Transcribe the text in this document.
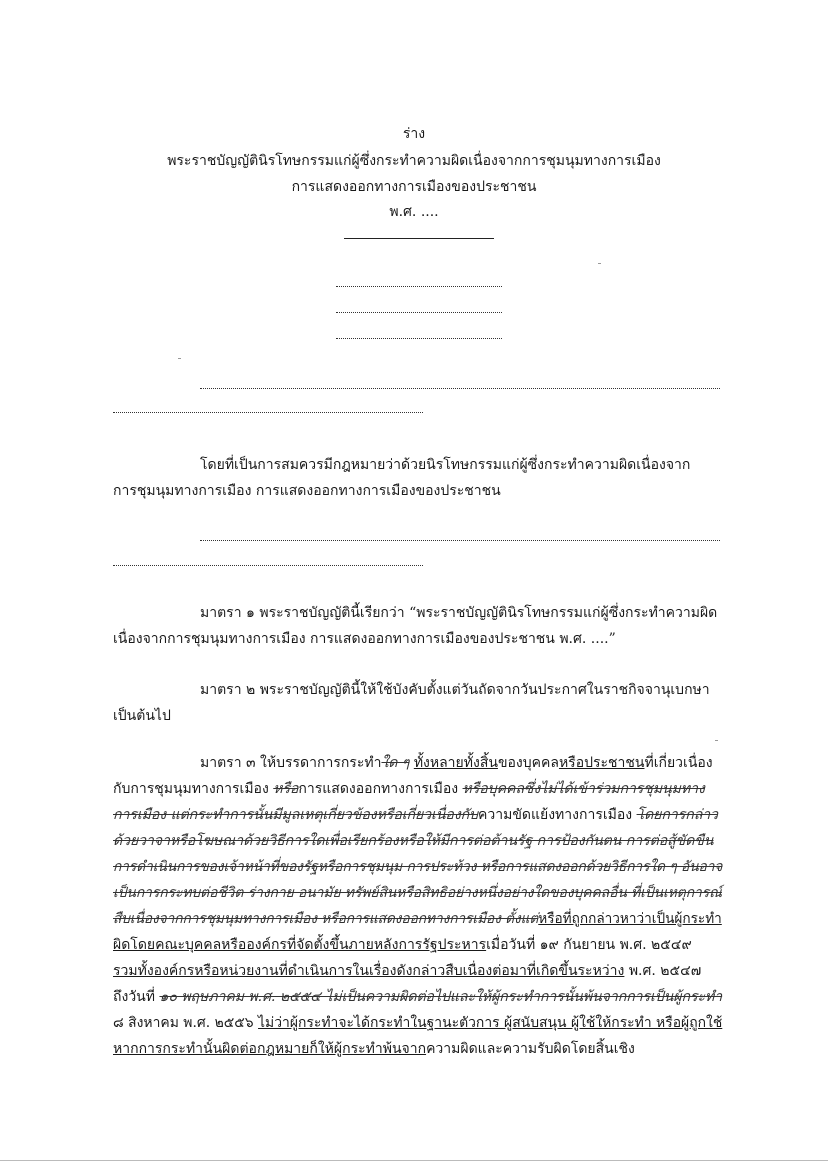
ร่าง
พระราชบัญญัตินิรโทษกรรมแก่ผู้ซึ่งกระทำความผิดเนื่องจากการชุมนุมทางการเมือง
การแสดงออกทางการเมืองของประชาชน
พ.ศ. ....
โดยที่เป็นการสมควรมีกฎหมายว่าด้วยนิรโทษกรรมแก่ผู้ซึ่งกระทำความผิดเนื่องจาก
การชุมนุมทางการเมือง การแสดงออกทางการเมืองของประชาชน
มาตรา ๑ พระราชบัญญัตินี้เรียกว่า “พระราชบัญญัตินิรโทษกรรมแก่ผู้ซึ่งกระทำความผิด
เนื่องจากการชุมนุมทางการเมือง การแสดงออกทางการเมืองของประชาชน พ.ศ. ....”
มาตรา ๒ พระราชบัญญัตินี้ให้ใช้บังคับตั้งแต่วันถัดจากวันประกาศในราชกิจจานุเบกษา
เป็นต้นไป
มาตรา ๓ ให้บรรดาการกระทำใด ๆ ทั้งหลายทั้งสิ้นของบุคคลหรือประชาชนที่เกี่ยวเนื่อง
กับการชุมนุมทางการเมือง หรือการแสดงออกทางการเมือง หรือบุคคลซึ่งไม่ได้เข้าร่วมการชุมนุมทาง
การเมือง แต่กระทำการนั้นมีมูลเหตุเกี่ยวข้องหรือเกี่ยวเนื่องกับความขัดแย้งทางการเมือง โดยการกล่าว
ด้วยวาจาหรือโฆษณาด้วยวิธีการใดเพื่อเรียกร้องหรือให้มีการต่อต้านรัฐ การป้องกันตน การต่อสู้ขัดขืน
การดำเนินการของเจ้าหน้าที่ของรัฐหรือการชุมนุม การประท้วง หรือการแสดงออกด้วยวิธีการใด ๆ อันอาจ
เป็นการกระทบต่อชีวิต ร่างกาย อนามัย ทรัพย์สินหรือสิทธิอย่างหนึ่งอย่างใดของบุคคลอื่น ที่เป็นเหตุการณ์
สืบเนื่องจากการชุมนุมทางการเมือง หรือการแสดงออกทางการเมือง ตั้งแต่หรือที่ถูกกล่าวหาว่าเป็นผู้กระทำ
ผิดโดยคณะบุคคลหรือองค์กรที่จัดตั้งขึ้นภายหลังการรัฐประหารเมื่อวันที่ ๑๙ กันยายน พ.ศ. ๒๕๔๙
รวมทั้งองค์กรหรือหน่วยงานที่ดำเนินการในเรื่องดังกล่าวสืบเนื่องต่อมาที่เกิดขึ้นระหว่าง พ.ศ. ๒๕๔๗
ถึงวันที่ ๑๐ พฤษภาคม พ.ศ. ๒๕๕๔ ไม่เป็นความผิดต่อไปและให้ผู้กระทำการนั้นพ้นจากการเป็นผู้กระทำ
๘ สิงหาคม พ.ศ. ๒๕๕๖ ไม่ว่าผู้กระทำจะได้กระทำในฐานะตัวการ ผู้สนับสนุน ผู้ใช้ให้กระทำ หรือผู้ถูกใช้
หากการกระทำนั้นผิดต่อกฎหมายก็ให้ผู้กระทำพ้นจากความผิดและความรับผิดโดยสิ้นเชิง
